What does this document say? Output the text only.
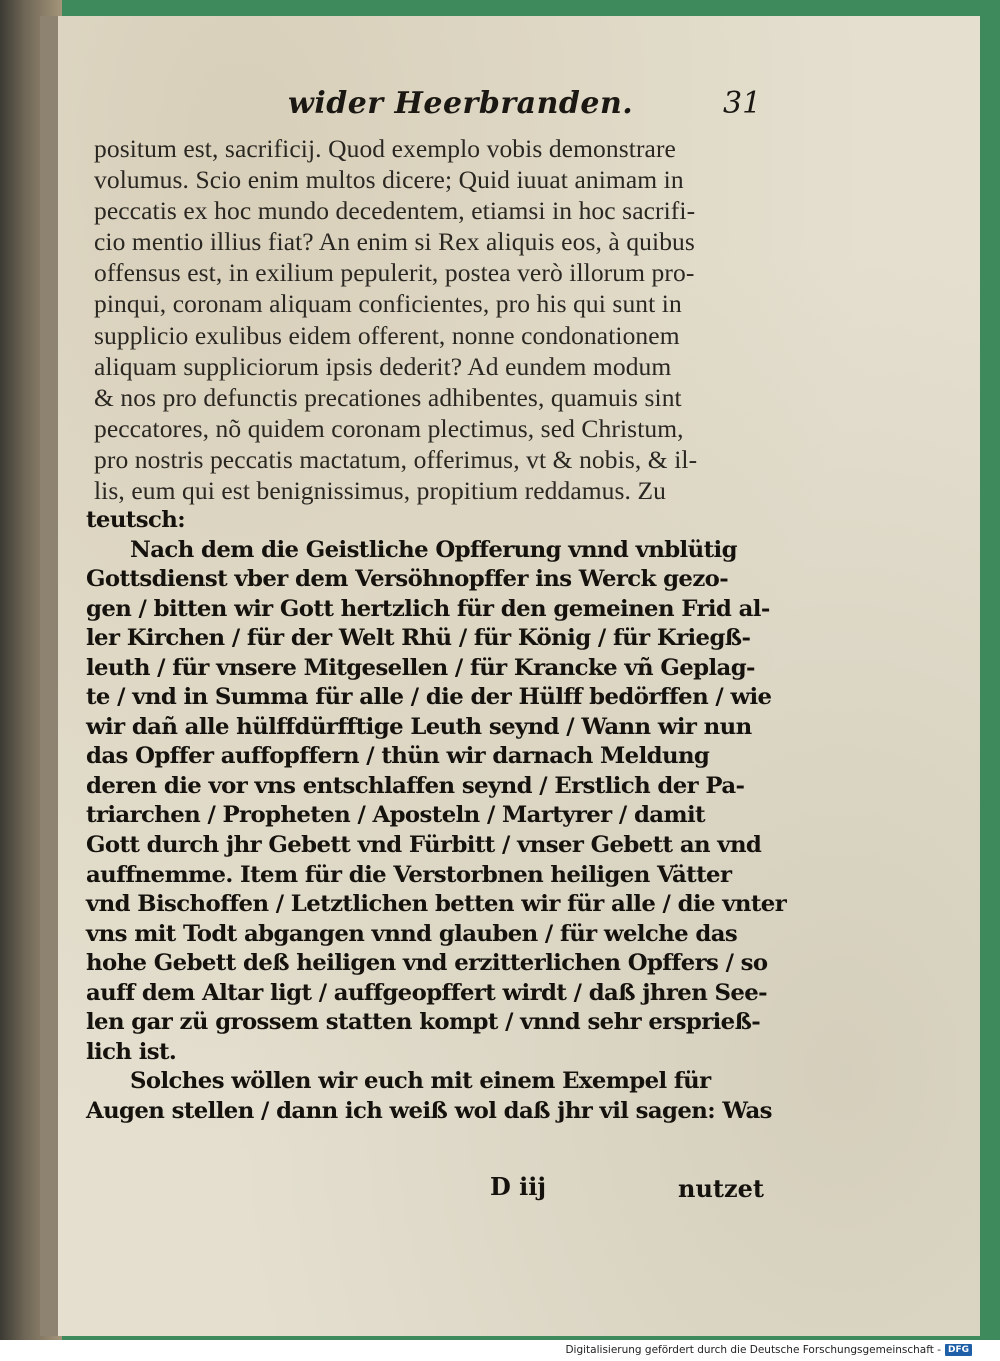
wider Heerbranden.	31
positum est, sacrificij. Quod exemplo vobis demonstrare
volumus. Scio enim multos dicere; Quid iuuat animam in
peccatis ex hoc mundo decedentem, etiamsi in hoc sacrifi-
cio mentio illius fiat? An enim si Rex aliquis eos, à quibus
offensus est, in exilium pepulerit, postea verò illorum pro-
pinqui, coronam aliquam conficientes, pro his qui sunt in
supplicio exulibus eidem offerent, nonne condonationem
aliquam suppliciorum ipsis dederit? Ad eundem modum
& nos pro defunctis precationes adhibentes, quamuis sint
peccatores, nõ quidem coronam plectimus, sed Christum,
pro nostris peccatis mactatum, offerimus, vt & nobis, & il-
lis, eum qui est benignissimus, propitium reddamus. Zu
teutsch:
Nach dem die Geistliche Opfferung vnnd vnblütig
Gottsdienst vber dem Versöhnopffer ins Werck gezo-
gen / bitten wir Gott hertzlich für den gemeinen Frid al-
ler Kirchen / für der Welt Rhü / für König / für Kriegß-
leuth / für vnsere Mitgesellen / für Krancke vñ Geplag-
te / vnd in Summa für alle / die der Hülff bedörffen / wie
wir dañ alle hülffdürfftige Leuth seynd / Wann wir nun
das Opffer auffopffern / thün wir darnach Meldung
deren die vor vns entschlaffen seynd / Erstlich der Pa-
triarchen / Propheten / Aposteln / Martyrer / damit
Gott durch jhr Gebett vnd Fürbitt / vnser Gebett an vnd
auffnemme. Item für die Verstorbnen heiligen Vätter
vnd Bischoffen / Letztlichen betten wir für alle / die vnter
vns mit Todt abgangen vnnd glauben / für welche das
hohe Gebett deß heiligen vnd erzitterlichen Opffers / so
auff dem Altar ligt / auffgeopffert wirdt / daß jhren See-
len gar zü grossem statten kompt / vnnd sehr ersprieß-
lich ist.
Solches wöllen wir euch mit einem Exempel für
Augen stellen / dann ich weiß wol daß jhr vil sagen: Was
D iij	nutzet
Digitalisierung gefördert durch die Deutsche Forschungsgemeinschaft - DFG
